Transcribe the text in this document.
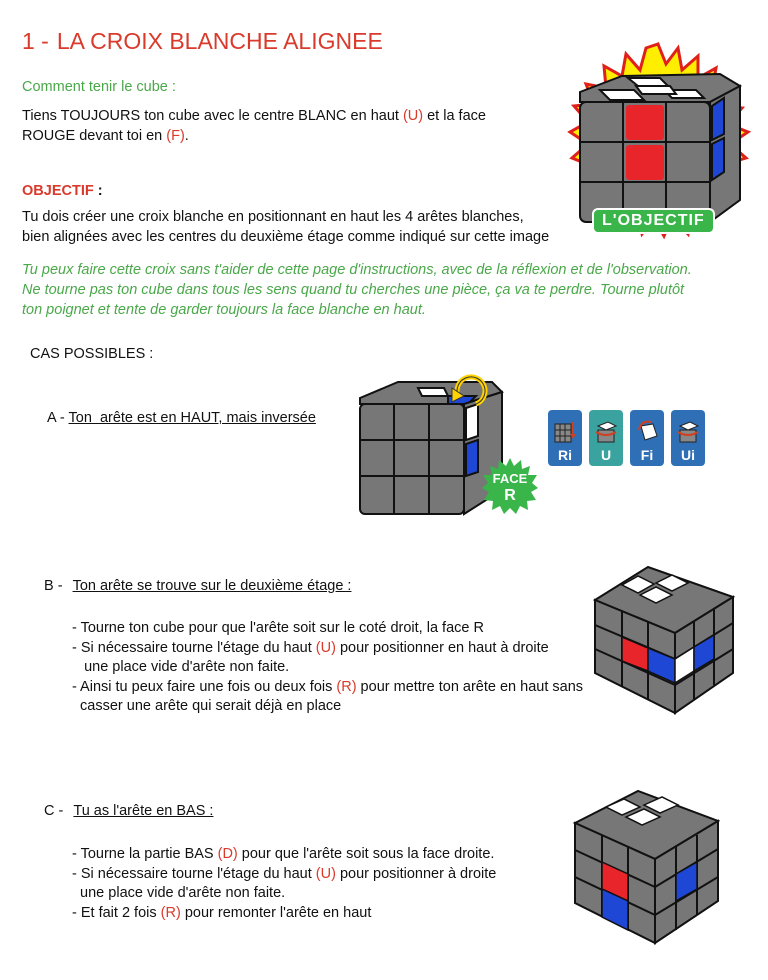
1 - LA CROIX BLANCHE ALIGNEE
Comment tenir le cube :
Tiens TOUJOURS ton cube avec le centre BLANC en haut (U) et la face
ROUGE devant toi en (F).
OBJECTIF :
Tu dois créer une croix blanche en positionnant en haut les 4 arêtes blanches,
bien alignées avec les centres du deuxième étage comme indiqué sur cette image
L'OBJECTIF
Tu peux faire cette croix sans t'aider de cette page d'instructions, avec de la réflexion et de l'observation.
Ne tourne pas ton cube dans tous les sens quand tu cherches une pièce, ça va te perdre. Tourne plutôt
ton poignet et tente de garder toujours la face blanche en haut.
CAS POSSIBLES :
A - Ton  arête est en HAUT, mais inversée
FACE
R
Ri U Fi Ui
B - Ton arête se trouve sur le deuxième étage :
- Tourne ton cube pour que l'arête soit sur le coté droit, la face R
- Si nécessaire tourne l'étage du haut (U) pour positionner en haut à droite
une place vide d'arête non faite.
- Ainsi tu peux faire une fois ou deux fois (R) pour mettre ton arête en haut sans
casser une arête qui serait déjà en place
C - Tu as l'arête en BAS :
- Tourne la partie BAS (D) pour que l'arête soit sous la face droite.
- Si nécessaire tourne l'étage du haut (U) pour positionner à droite
une place vide d'arête non faite.
- Et fait 2 fois (R) pour remonter l'arête en haut
